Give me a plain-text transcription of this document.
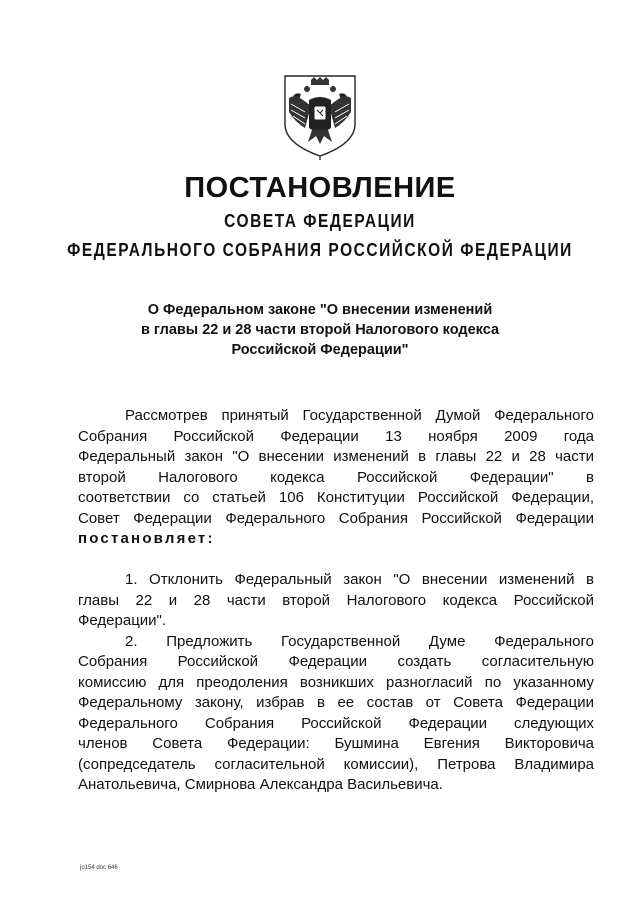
ПОСТАНОВЛЕНИЕ
СОВЕТА ФЕДЕРАЦИИ
ФЕДЕРАЛЬНОГО СОБРАНИЯ РОССИЙСКОЙ ФЕДЕРАЦИИ
О Федеральном законе "О внесении изменений
в главы 22 и 28 части второй Налогового кодекса
Российской Федерации"
Рассмотрев принятый Государственной Думой Федерального
Собрания Российской Федерации 13 ноября 2009 года
Федеральный закон "О внесении изменений в главы 22 и 28 части
второй Налогового кодекса Российской Федерации" в
соответствии со статьей 106 Конституции Российской Федерации,
Совет Федерации Федерального Собрания Российской Федерации
постановляет:
1. Отклонить Федеральный закон "О внесении изменений в
главы 22 и 28 части второй Налогового кодекса Российской
Федерации".
2. Предложить Государственной Думе Федерального
Собрания Российской Федерации создать согласительную
комиссию для преодоления возникших разногласий по указанному
Федеральному закону, избрав в ее состав от Совета Федерации
Федерального Собрания Российской Федерации следующих
членов Совета Федерации: Бушмина Евгения Викторовича
(сопредседатель согласительной комиссии), Петрова Владимира
Анатольевича, Смирнова Александра Васильевича.
jo154 doc 646
